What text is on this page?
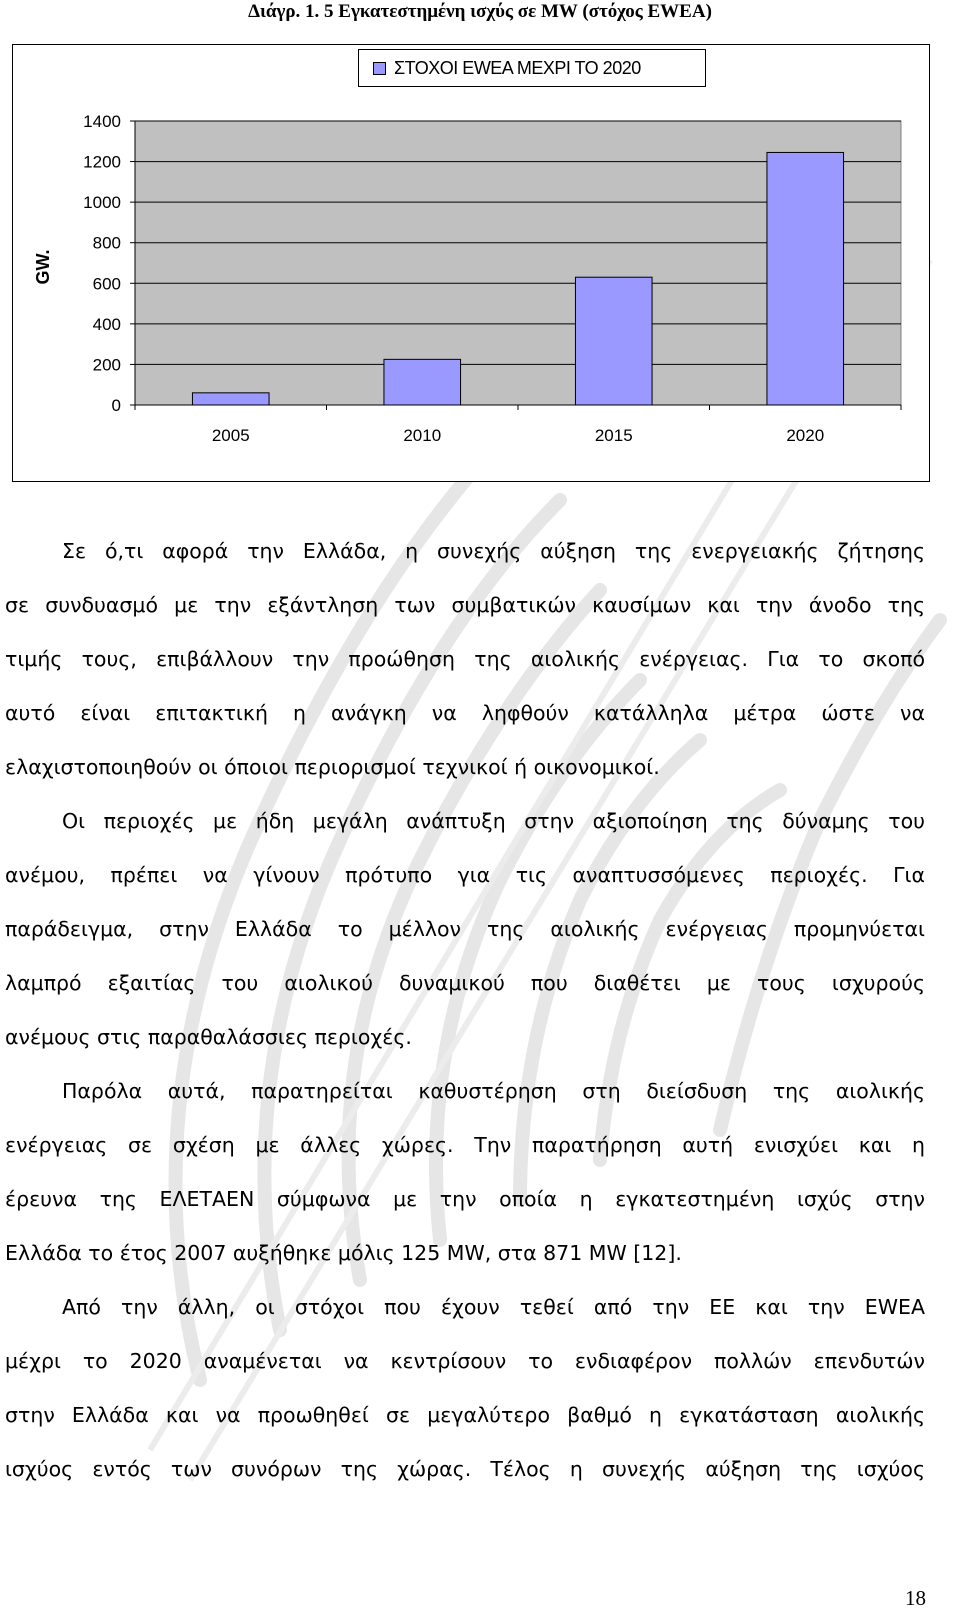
Διάγρ. 1. 5 Εγκατεστημένη ισχύς σε MW (στόχος EWEA)
ΣΤΟΧΟΙ EWEA ΜΕΧΡΙ ΤΟ 2020
0
200
400
600
800
1000
1200
1400
2005	2010	2015	2020
GW.
Σε ό,τι αφορά την Ελλάδα, η συνεχής αύξηση της ενεργειακής ζήτησης
σε συνδυασμό με την εξάντληση των συμβατικών καυσίμων και την άνοδο της
τιμής τους, επιβάλλουν την προώθηση της αιολικής ενέργειας. Για το σκοπό
αυτό είναι επιτακτική η ανάγκη να ληφθούν κατάλληλα μέτρα ώστε να
ελαχιστοποιηθούν οι όποιοι περιορισμοί τεχνικοί ή οικονομικοί.
Οι περιοχές με ήδη μεγάλη ανάπτυξη στην αξιοποίηση της δύναμης του
ανέμου, πρέπει να γίνουν πρότυπο για τις αναπτυσσόμενες περιοχές. Για
παράδειγμα, στην Ελλάδα το μέλλον της αιολικής ενέργειας προμηνύεται
λαμπρό εξαιτίας του αιολικού δυναμικού που διαθέτει με τους ισχυρούς
ανέμους στις παραθαλάσσιες περιοχές.
Παρόλα αυτά, παρατηρείται καθυστέρηση στη διείσδυση της αιολικής
ενέργειας σε σχέση με άλλες χώρες. Την παρατήρηση αυτή ενισχύει και η
έρευνα της ΕΛΕΤΑΕΝ σύμφωνα με την οποία η εγκατεστημένη ισχύς στην
Ελλάδα το έτος 2007 αυξήθηκε μόλις 125 MW, στα 871 MW [12].
Από την άλλη, οι στόχοι που έχουν τεθεί από την ΕΕ και την EWEA
μέχρι το 2020 αναμένεται να κεντρίσουν το ενδιαφέρον πολλών επενδυτών
στην Ελλάδα και να προωθηθεί σε μεγαλύτερο βαθμό η εγκατάσταση αιολικής
ισχύος εντός των συνόρων της χώρας. Τέλος η συνεχής αύξηση της ισχύος
18
